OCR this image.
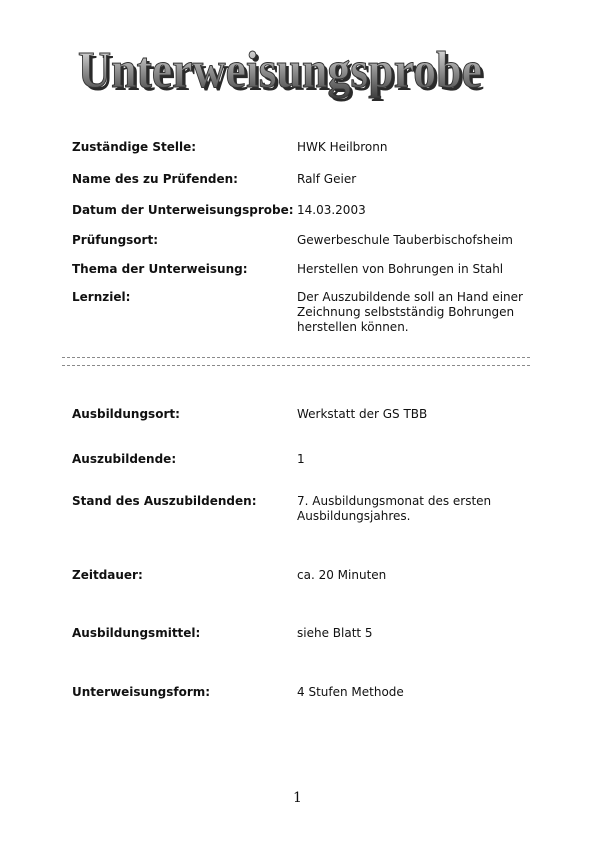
Unterweisungsprobe
Unterweisungsprobe
Zuständige Stelle:	HWK Heilbronn
Name des zu Prüfenden:	Ralf Geier
Datum der Unterweisungsprobe: 14.03.2003
Prüfungsort:	Gewerbeschule Tauberbischofsheim
Thema der Unterweisung:	Herstellen von Bohrungen in Stahl
Lernziel:	Der Auszubildende soll an Hand einer Zeichnung selbstständig Bohrungen herstellen können.
Ausbildungsort:	Werkstatt der GS TBB
Auszubildende:	1
Stand des Auszubildenden:	7. Ausbildungsmonat des ersten Ausbildungsjahres.
Zeitdauer:	ca. 20 Minuten
Ausbildungsmittel:	siehe Blatt 5
Unterweisungsform:	4 Stufen Methode
1
